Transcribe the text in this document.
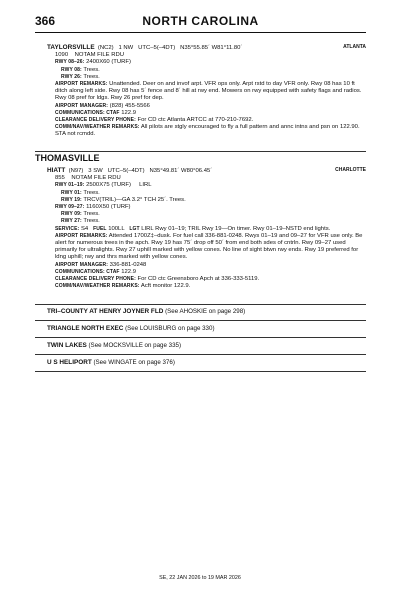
366	NORTH CAROLINA
TAYLORSVILLE (NC2) 1 NW UTC–5(–4DT) N35°55.85´ W81°11.80´	ATLANTA
1090 NOTAM FILE RDU
RWY 08–26: 2400X60 (TURF)
RWY 08: Trees.
RWY 26: Trees.
AIRPORT REMARKS: Unattended. Deer on and invof arpt. VFR ops only. Arpt rstd to day VFR only. Rwy 08 has 10 ft ditch along left side. Rwy 08 has 5´ fence and 8´ hill at rwy end. Mowers on rwy equipped with safety flags and radios. Rwy 08 pref for ldgs. Rwy 26 pref for dep.
AIRPORT MANAGER: (828) 455-5566
COMMUNICATIONS: CTAF 122.9
CLEARANCE DELIVERY PHONE: For CD ctc Atlanta ARTCC at 770-210-7692.
COMM/NAV/WEATHER REMARKS: All pilots are stgly encouraged to fly a full pattern and annc intns and psn on 122.90. STA not rcmdd.
THOMASVILLE
HIATT (N97) 3 SW UTC–5(–4DT) N35°49.81´ W80°06.45´	CHARLOTTE
855 NOTAM FILE RDU
RWY 01–19: 2500X75 (TURF) LIRL
RWY 01: Trees.
RWY 19: TRCV(TRIL)—GA 3.2° TCH 25´. Trees.
RWY 09–27: 1160X50 (TURF)
RWY 09: Trees.
RWY 27: Trees.
SERVICE: S4 FUEL 100LL LGT LIRL Rwy 01–19; TRIL Rwy 19—On timer. Rwy 01–19–NSTD end lights.
AIRPORT REMARKS: Attended 1700Z‡–dusk. For fuel call 336-881-0248. Rwys 01–19 and 09–27 for VFR use only. Be alert for numerous trees in the apch. Rwy 19 has 75´ drop off 50´ from end both sdes of cntrln. Rwy 09–27 used primarily for ultralights. Rwy 27 uphill marked with yellow cones. No line of sight btwn rwy ends. Rwy 19 preferred for ldng uphill; rwy and thrs marked with yellow cones.
AIRPORT MANAGER: 336-881-0248
COMMUNICATIONS: CTAF 122.9
CLEARANCE DELIVERY PHONE: For CD ctc Greensboro Apch at 336-333-5119.
COMM/NAV/WEATHER REMARKS: Acft monitor 122.9.
TRI–COUNTY AT HENRY JOYNER FLD (See AHOSKIE on page 298)
TRIANGLE NORTH EXEC (See LOUISBURG on page 330)
TWIN LAKES (See MOCKSVILLE on page 335)
U S HELIPORT (See WINGATE on page 376)
SE, 22 JAN 2026 to 19 MAR 2026
